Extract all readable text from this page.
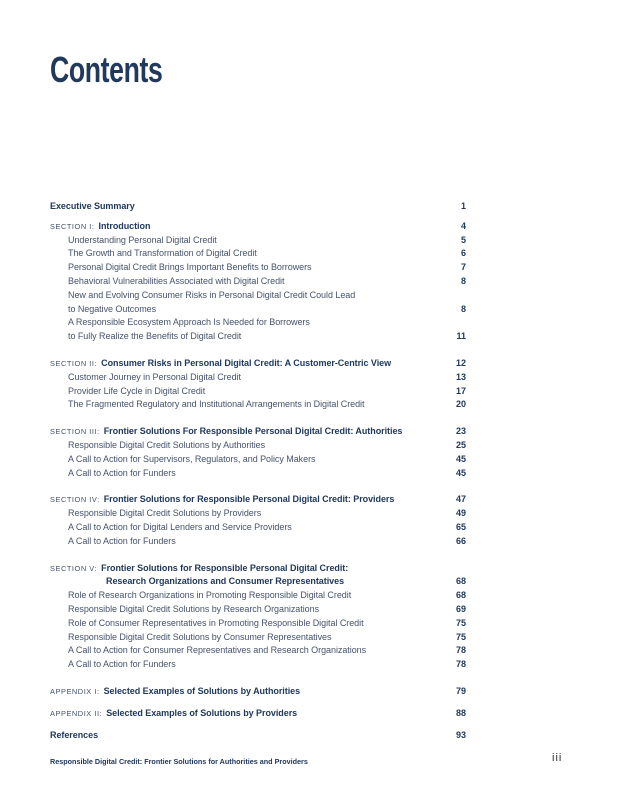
Contents
Executive Summary	1
SECTION I: Introduction	4
Understanding Personal Digital Credit	5
The Growth and Transformation of Digital Credit	6
Personal Digital Credit Brings Important Benefits to Borrowers	7
Behavioral Vulnerabilities Associated with Digital Credit	8
New and Evolving Consumer Risks in Personal Digital Credit Could Lead
to Negative Outcomes	8
A Responsible Ecosystem Approach Is Needed for Borrowers
to Fully Realize the Benefits of Digital Credit	11
SECTION II: Consumer Risks in Personal Digital Credit: A Customer-Centric View	12
Customer Journey in Personal Digital Credit	13
Provider Life Cycle in Digital Credit	17
The Fragmented Regulatory and Institutional Arrangements in Digital Credit	20
SECTION III: Frontier Solutions For Responsible Personal Digital Credit: Authorities	23
Responsible Digital Credit Solutions by Authorities	25
A Call to Action for Supervisors, Regulators, and Policy Makers	45
A Call to Action for Funders	45
SECTION IV: Frontier Solutions for Responsible Personal Digital Credit: Providers	47
Responsible Digital Credit Solutions by Providers	49
A Call to Action for Digital Lenders and Service Providers	65
A Call to Action for Funders	66
SECTION V: Frontier Solutions for Responsible Personal Digital Credit:
Research Organizations and Consumer Representatives	68
Role of Research Organizations in Promoting Responsible Digital Credit	68
Responsible Digital Credit Solutions by Research Organizations	69
Role of Consumer Representatives in Promoting Responsible Digital Credit	75
Responsible Digital Credit Solutions by Consumer Representatives	75
A Call to Action for Consumer Representatives and Research Organizations	78
A Call to Action for Funders	78
APPENDIX I: Selected Examples of Solutions by Authorities	79
APPENDIX II: Selected Examples of Solutions by Providers	88
References	93

Responsible Digital Credit: Frontier Solutions for Authorities and Providers	iii
